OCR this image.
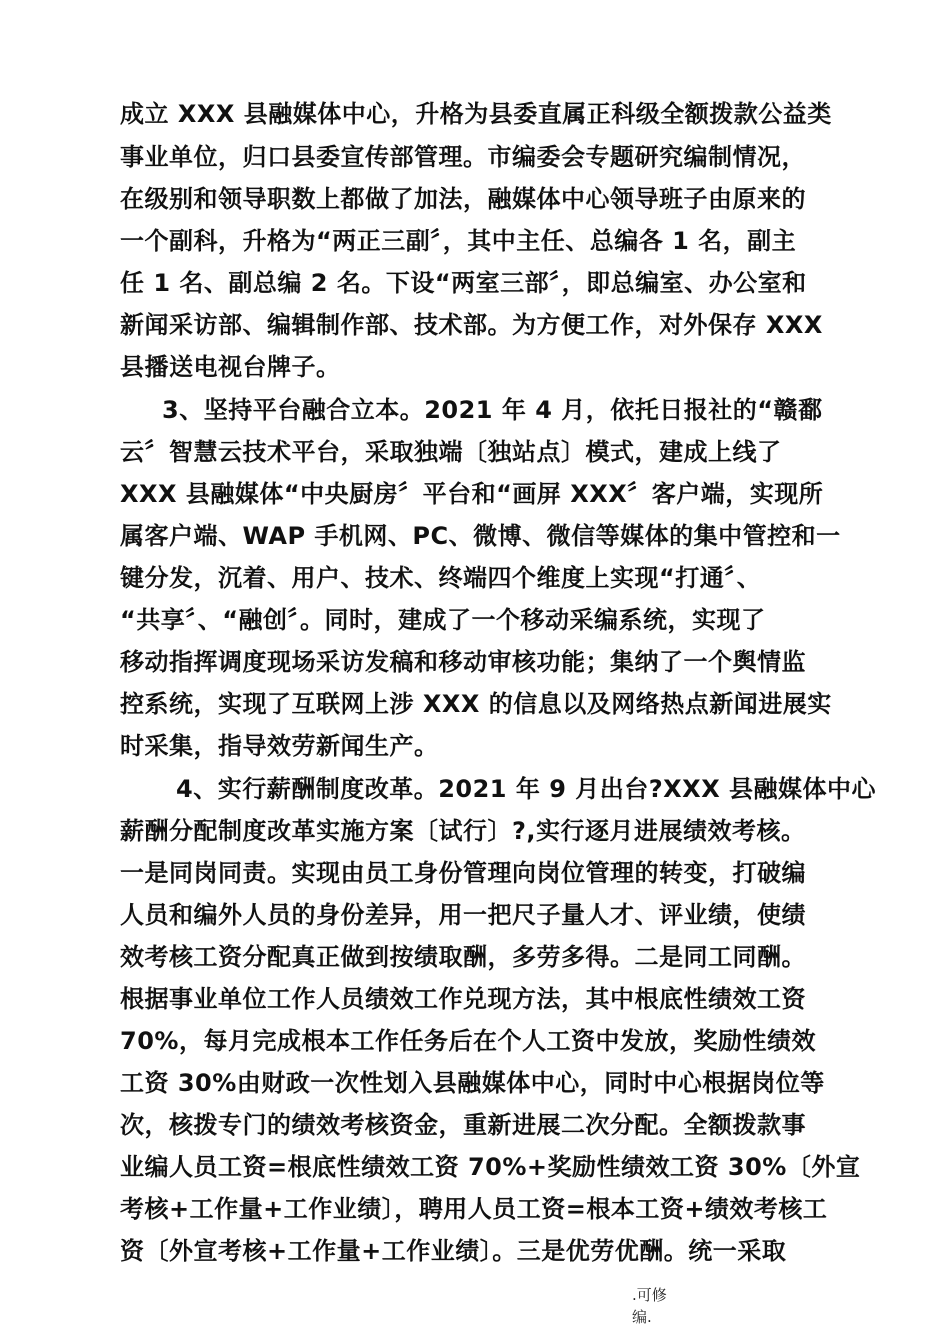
成立 XXX 县融媒体中心，升格为县委直属正科级全额拨款公益类
事业单位，归口县委宣传部管理。市编委会专题研究编制情况，
在级别和领导职数上都做了加法，融媒体中心领导班子由原来的
一个副科，升格为“两正三副〞，其中主任、总编各 1 名，副主
任 1 名、副总编 2 名。下设“两室三部〞，即总编室、办公室和
新闻采访部、编辑制作部、技术部。为方便工作，对外保存 XXX
县播送电视台牌子。
3、坚持平台融合立本。2021 年 4 月，依托日报社的“赣鄱
云〞智慧云技术平台，采取独端〔独站点〕模式，建成上线了
XXX 县融媒体“中央厨房〞平台和“画屏 XXX〞客户端，实现所
属客户端、WAP 手机网、PC、微博、微信等媒体的集中管控和一
键分发，沉着、用户、技术、终端四个维度上实现“打通〞、
“共享〞、“融创〞。同时，建成了一个移动采编系统，实现了
移动指挥调度现场采访发稿和移动审核功能；集纳了一个舆情监
控系统，实现了互联网上涉 XXX 的信息以及网络热点新闻进展实
时采集，指导效劳新闻生产。
4、实行薪酬制度改革。2021 年 9 月出台?XXX 县融媒体中心
薪酬分配制度改革实施方案〔试行〕?,实行逐月进展绩效考核。
一是同岗同责。实现由员工身份管理向岗位管理的转变，打破编
人员和编外人员的身份差异，用一把尺子量人才、评业绩，使绩
效考核工资分配真正做到按绩取酬，多劳多得。二是同工同酬。
根据事业单位工作人员绩效工作兑现方法，其中根底性绩效工资
70%，每月完成根本工作任务后在个人工资中发放，奖励性绩效
工资 30%由财政一次性划入县融媒体中心，同时中心根据岗位等
次，核拨专门的绩效考核资金，重新进展二次分配。全额拨款事
业编人员工资=根底性绩效工资 70%+奖励性绩效工资 30%〔外宣
考核+工作量+工作业绩〕，聘用人员工资=根本工资+绩效考核工
资〔外宣考核+工作量+工作业绩〕。三是优劳优酬。统一采取
.可修
编.
